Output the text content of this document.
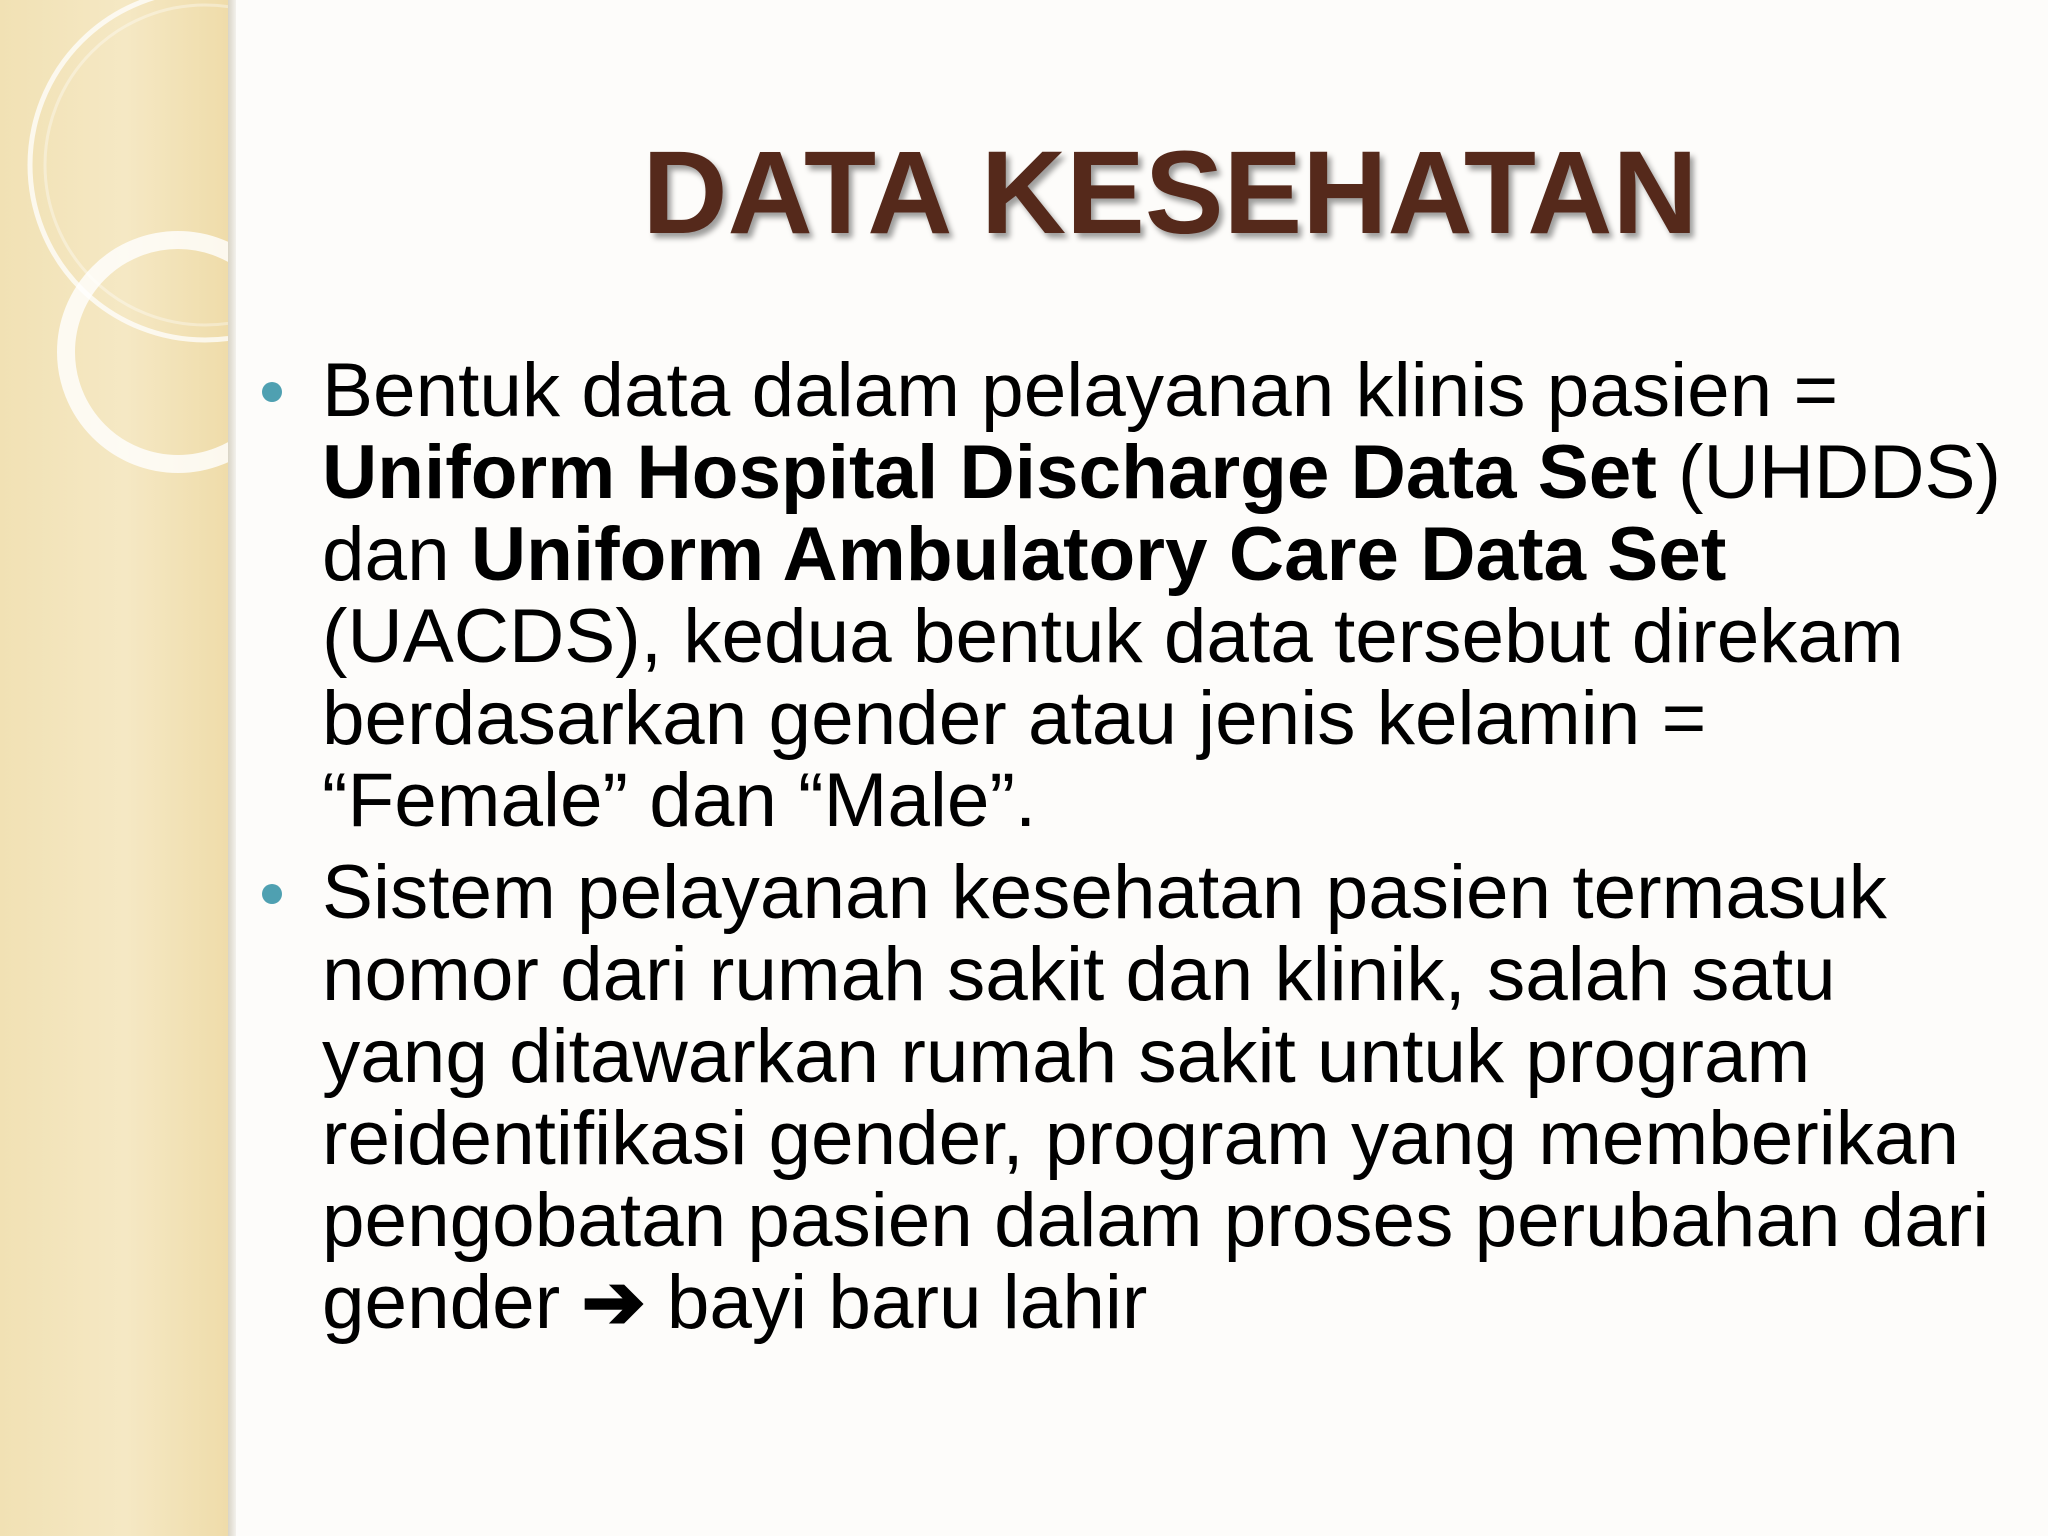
DATA KESEHATAN
Bentuk data dalam pelayanan klinis pasien = Uniform Hospital Discharge Data Set (UHDDS) dan Uniform Ambulatory Care Data Set (UACDS), kedua bentuk data tersebut direkam berdasarkan gender atau jenis kelamin = “Female” dan “Male”.
Sistem pelayanan kesehatan pasien termasuk nomor dari rumah sakit dan klinik, salah satu yang ditawarkan rumah sakit untuk program reidentifikasi gender, program yang memberikan pengobatan pasien dalam proses perubahan dari gender ➔ bayi baru lahir
